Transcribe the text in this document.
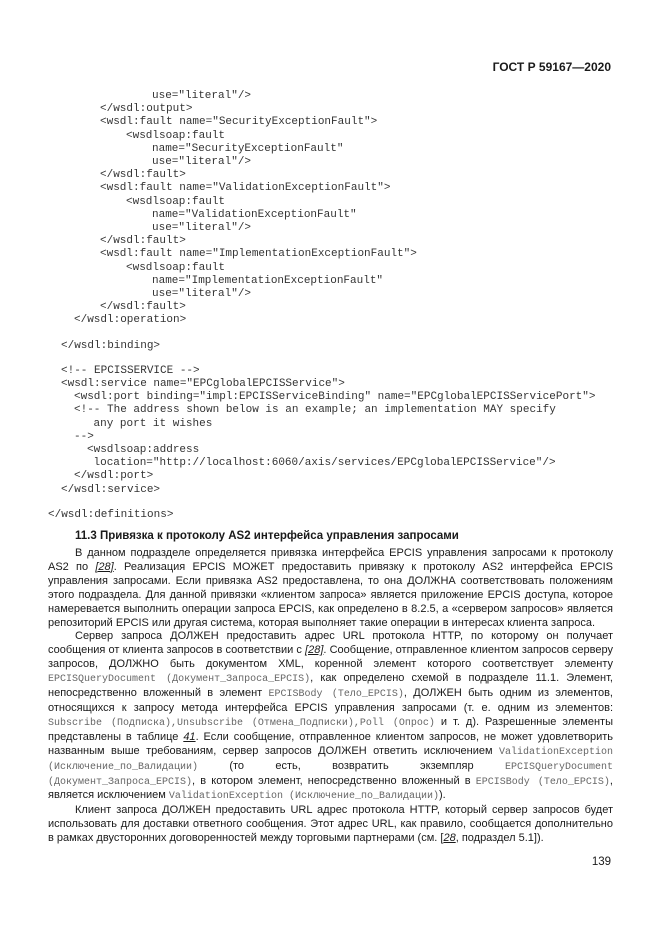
ГОСТ Р 59167—2020
use="literal"/>
</wsdl:output>
<wsdl:fault name="SecurityExceptionFault">
<wsdlsoap:fault
name="SecurityExceptionFault"
use="literal"/>
</wsdl:fault>
<wsdl:fault name="ValidationExceptionFault">
<wsdlsoap:fault
name="ValidationExceptionFault"
use="literal"/>
</wsdl:fault>
<wsdl:fault name="ImplementationExceptionFault">
<wsdlsoap:fault
name="ImplementationExceptionFault"
use="literal"/>
</wsdl:fault>
</wsdl:operation>
</wsdl:binding>
<!-- EPCISSERVICE -->
<wsdl:service name="EPCglobalEPCISService">
<wsdl:port binding="impl:EPCISServiceBinding" name="EPCglobalEPCISServicePort">
<!-- The address shown below is an example; an implementation MAY specify
any port it wishes
-->
<wsdlsoap:address
location="http://localhost:6060/axis/services/EPCglobalEPCISService"/>
</wsdl:port>
</wsdl:service>
</wsdl:definitions>
11.3 Привязка к протоколу AS2 интерфейса управления запросами

В данном подразделе определяется привязка интерфейса EPCIS управления запросами к протоколу AS2 по [28]. Реализация EPCIS МОЖЕТ предоставить привязку к протоколу AS2 интерфейса EPCIS управления запросами. Если привязка AS2 предоставлена, то она ДОЛЖНА соответствовать положениям этого подраздела. Для данной привязки «клиентом запроса» является приложение EPCIS доступа, которое намеревается выполнить операции запроса EPCIS, как определено в 8.2.5, а «сервером запросов» является репозиторий EPCIS или другая система, которая выполняет такие операции в интересах клиента запроса.

Сервер запроса ДОЛЖЕН предоставить адрес URL протокола HTTP, по которому он получает сообщения от клиента запросов в соответствии с [28]. Сообщение, отправленное клиентом запросов серверу запросов, ДОЛЖНО быть документом XML, коренной элемент которого соответствует элементу EPCISQueryDocument (Документ_Запроса_EPCIS), как определено схемой в подразделе 11.1. Элемент, непосредственно вложенный в элемент EPCISBody (Тело_EPCIS), ДОЛЖЕН быть одним из элементов, относящихся к запросу метода интерфейса EPCIS управления запросами (т. е. одним из элементов: Subscribe (Подписка),Unsubscribe (Отмена_Подписки),Poll (Опрос) и т. д). Разрешенные элементы представлены в таблице 41. Если сообщение, отправленное клиентом запросов, не может удовлетворить названным выше требованиям, сервер запросов ДОЛЖЕН ответить исключением ValidationException (Исключение_по_Валидации) (то есть, возвратить экземпляр EPCISQueryDocument (Документ_Запроса_EPCIS), в котором элемент, непосредственно вложенный в EPCISBody (Тело_EPCIS), является исключением ValidationException (Исключение_по_Валидации)).

Клиент запроса ДОЛЖЕН предоставить URL адрес протокола HTTP, который сервер запросов будет использовать для доставки ответного сообщения. Этот адрес URL, как правило, сообщается дополнительно в рамках двусторонних договоренностей между торговыми партнерами (см. [28, подраздел 5.1]).

139
